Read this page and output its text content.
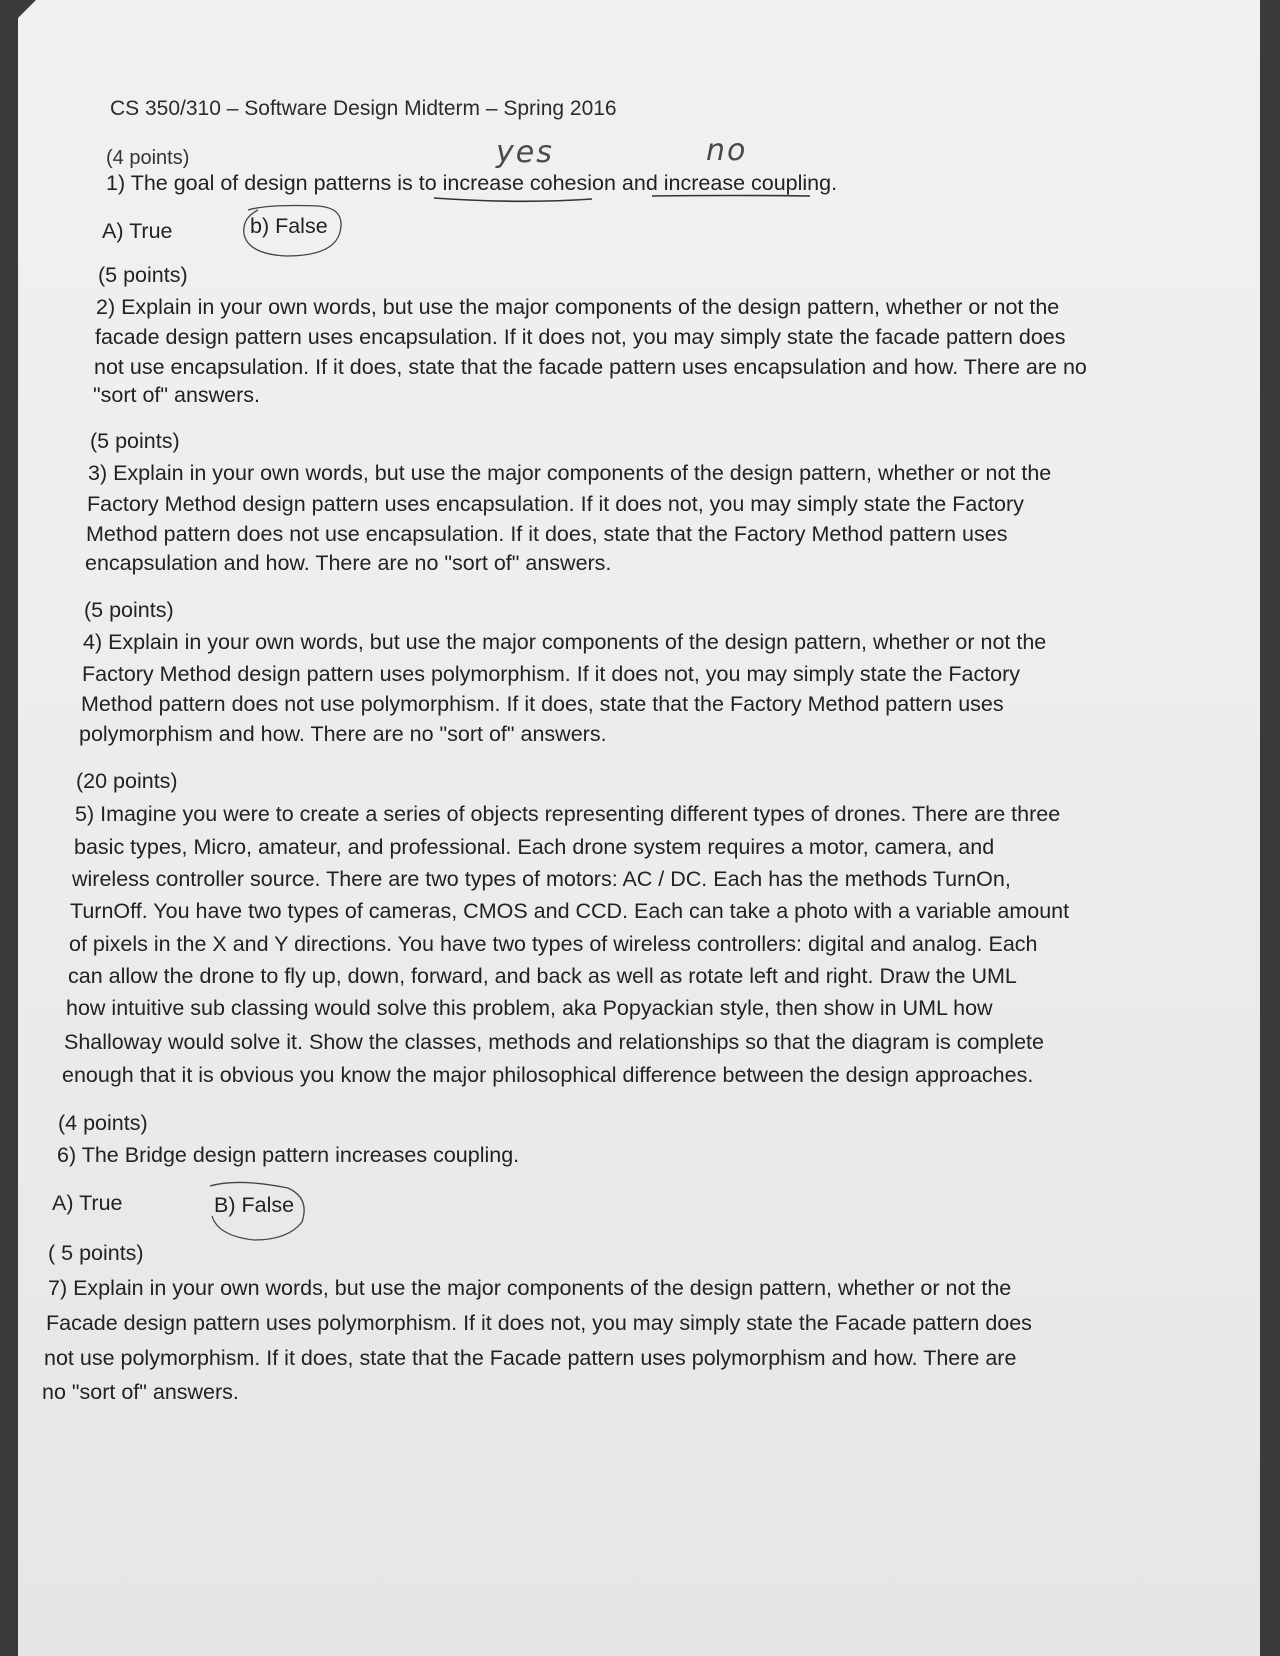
CS 350/310 – Software Design Midterm – Spring 2016

(4 points)	yes	no

1) The goal of design patterns is to increase cohesion and increase coupling.

A) True	b) False

(5 points)

2) Explain in your own words, but use the major components of the design pattern, whether or not the

facade design pattern uses encapsulation. If it does not, you may simply state the facade pattern does

not use encapsulation. If it does, state that the facade pattern uses encapsulation and how. There are no

"sort of" answers.

(5 points)

3) Explain in your own words, but use the major components of the design pattern, whether or not the

Factory Method design pattern uses encapsulation. If it does not, you may simply state the Factory

Method pattern does not use encapsulation. If it does, state that the Factory Method pattern uses

encapsulation and how. There are no "sort of" answers.

(5 points)

4) Explain in your own words, but use the major components of the design pattern, whether or not the

Factory Method design pattern uses polymorphism. If it does not, you may simply state the Factory

Method pattern does not use polymorphism. If it does, state that the Factory Method pattern uses

polymorphism and how. There are no "sort of" answers.

(20 points)

5) Imagine you were to create a series of objects representing different types of drones. There are three

basic types, Micro, amateur, and professional. Each drone system requires a motor, camera, and

wireless controller source. There are two types of motors: AC / DC. Each has the methods TurnOn,

TurnOff. You have two types of cameras, CMOS and CCD. Each can take a photo with a variable amount

of pixels in the X and Y directions. You have two types of wireless controllers: digital and analog. Each

can allow the drone to fly up, down, forward, and back as well as rotate left and right. Draw the UML

how intuitive sub classing would solve this problem, aka Popyackian style, then show in UML how

Shalloway would solve it. Show the classes, methods and relationships so that the diagram is complete

enough that it is obvious you know the major philosophical difference between the design approaches.

(4 points)

6) The Bridge design pattern increases coupling.

A) True	B) False

( 5 points)

7) Explain in your own words, but use the major components of the design pattern, whether or not the

Facade design pattern uses polymorphism. If it does not, you may simply state the Facade pattern does

not use polymorphism. If it does, state that the Facade pattern uses polymorphism and how. There are

no "sort of" answers.
